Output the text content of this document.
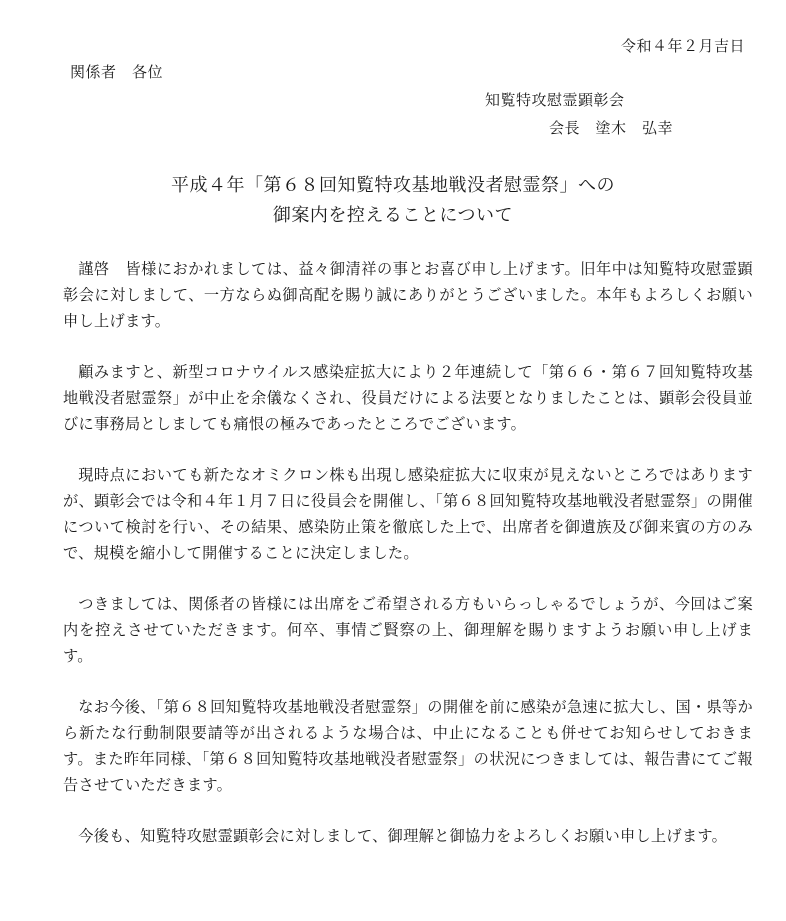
令和４年２月吉日
関係者　各位
知覧特攻慰霊顕彰会
会長　塗木　弘幸
平成４年「第６８回知覧特攻基地戦没者慰霊祭」への
御案内を控えることについて

謹啓　皆様におかれましては、益々御清祥の事とお喜び申し上げます。旧年中は知覧特攻慰霊顕彰会に対しまして、一方ならぬ御高配を賜り誠にありがとうございました。本年もよろしくお願い申し上げます。

顧みますと、新型コロナウイルス感染症拡大により２年連続して「第６６・第６７回知覧特攻基地戦没者慰霊祭」が中止を余儀なくされ、役員だけによる法要となりましたことは、顕彰会役員並びに事務局としましても痛恨の極みであったところでございます。

現時点においても新たなオミクロン株も出現し感染症拡大に収束が見えないところではありますが、顕彰会では令和４年１月７日に役員会を開催し、「第６８回知覧特攻基地戦没者慰霊祭」の開催について検討を行い、その結果、感染防止策を徹底した上で、出席者を御遺族及び御来賓の方のみで、規模を縮小して開催することに決定しました。

つきましては、関係者の皆様には出席をご希望される方もいらっしゃるでしょうが、今回はご案内を控えさせていただきます。何卒、事情ご賢察の上、御理解を賜りますようお願い申し上げます。

なお今後、「第６８回知覧特攻基地戦没者慰霊祭」の開催を前に感染が急速に拡大し、国・県等から新たな行動制限要請等が出されるような場合は、中止になることも併せてお知らせしておきます。また昨年同様、「第６８回知覧特攻基地戦没者慰霊祭」の状況につきましては、報告書にてご報告させていただきます。

今後も、知覧特攻慰霊顕彰会に対しまして、御理解と御協力をよろしくお願い申し上げます。
